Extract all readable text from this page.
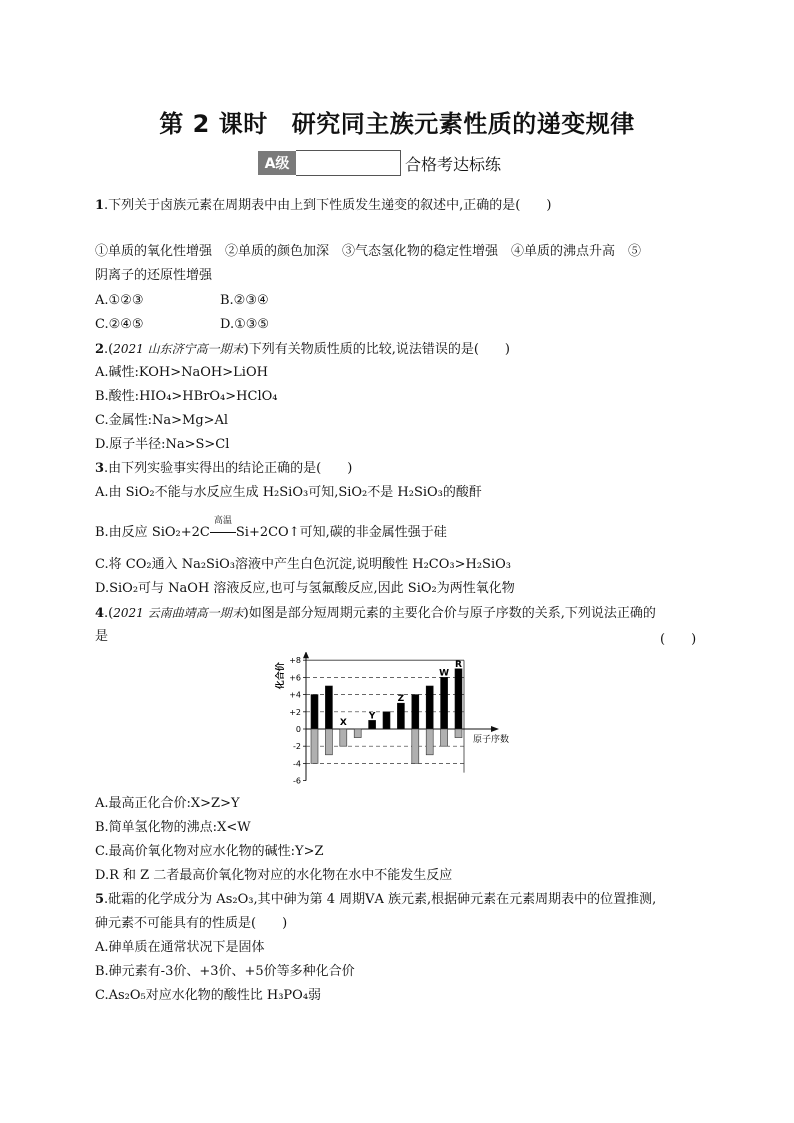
第 2 课时 研究同主族元素性质的递变规律
A级	合格考达标练
1.下列关于卤族元素在周期表中由上到下性质发生递变的叙述中,正确的是(　　)
①单质的氧化性增强　②单质的颜色加深　③气态氢化物的稳定性增强　④单质的沸点升高　⑤
阴离子的还原性增强
A.①②③	B.②③④
C.②④⑤	D.①③⑤
2.(2021 山东济宁高一期末)下列有关物质性质的比较,说法错误的是(　　)
A.碱性:KOH>NaOH>LiOH
B.酸性:HIO₄>HBrO₄>HClO₄
C.金属性:Na>Mg>Al
D.原子半径:Na>S>Cl
3.由下列实验事实得出的结论正确的是(　　)
A.由 SiO₂不能与水反应生成 H₂SiO₃可知,SiO₂不是 H₂SiO₃的酸酐
B.由反应 SiO₂+2C
高温
Si+2CO↑可知,碳的非金属性强于硅
C.将 CO₂通入 Na₂SiO₃溶液中产生白色沉淀,说明酸性 H₂CO₃>H₂SiO₃
D.SiO₂可与 NaOH 溶液反应,也可与氢氟酸反应,因此 SiO₂为两性氧化物
4.(2021 云南曲靖高一期末)如图是部分短周期元素的主要化合价与原子序数的关系,下列说法正确的
是	(　　)
+8
+6
+4
+2
0
-2
-4
-6
化合价
原子序数
X
Y
Z
W
R
A.最高正化合价:X>Z>Y
B.简单氢化物的沸点:X<W
C.最高价氧化物对应水化物的碱性:Y>Z
D.R 和 Z 二者最高价氧化物对应的水化物在水中不能发生反应
5.砒霜的化学成分为 As₂O₃,其中砷为第 4 周期ⅤA 族元素,根据砷元素在元素周期表中的位置推测,
砷元素不可能具有的性质是(　　)
A.砷单质在通常状况下是固体
B.砷元素有-3价、+3价、+5价等多种化合价
C.As₂O₅对应水化物的酸性比 H₃PO₄弱
